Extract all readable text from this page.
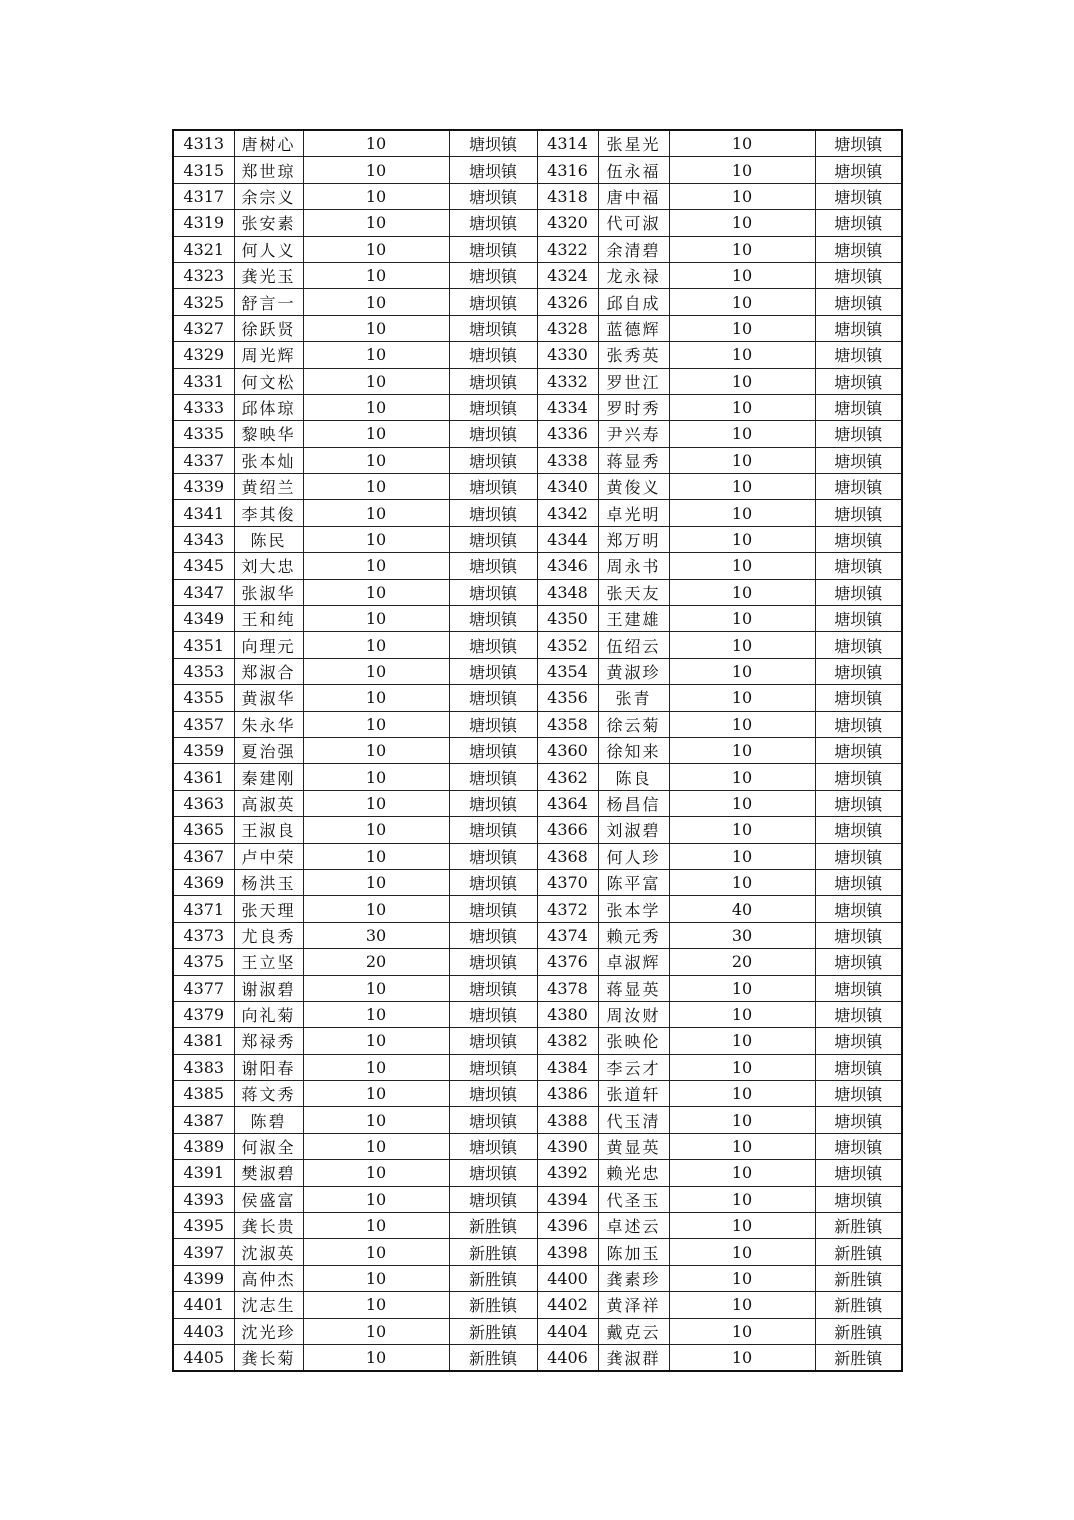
4313	唐树心	10	塘坝镇	4314	张星光	10	塘坝镇
4315	郑世琼	10	塘坝镇	4316	伍永福	10	塘坝镇
4317	余宗义	10	塘坝镇	4318	唐中福	10	塘坝镇
4319	张安素	10	塘坝镇	4320	代可淑	10	塘坝镇
4321	何人义	10	塘坝镇	4322	余清碧	10	塘坝镇
4323	龚光玉	10	塘坝镇	4324	龙永禄	10	塘坝镇
4325	舒言一	10	塘坝镇	4326	邱自成	10	塘坝镇
4327	徐跃贤	10	塘坝镇	4328	蓝德辉	10	塘坝镇
4329	周光辉	10	塘坝镇	4330	张秀英	10	塘坝镇
4331	何文松	10	塘坝镇	4332	罗世江	10	塘坝镇
4333	邱体琼	10	塘坝镇	4334	罗时秀	10	塘坝镇
4335	黎映华	10	塘坝镇	4336	尹兴寿	10	塘坝镇
4337	张本灿	10	塘坝镇	4338	蒋显秀	10	塘坝镇
4339	黄绍兰	10	塘坝镇	4340	黄俊义	10	塘坝镇
4341	李其俊	10	塘坝镇	4342	卓光明	10	塘坝镇
4343	陈民	10	塘坝镇	4344	郑万明	10	塘坝镇
4345	刘大忠	10	塘坝镇	4346	周永书	10	塘坝镇
4347	张淑华	10	塘坝镇	4348	张天友	10	塘坝镇
4349	王和纯	10	塘坝镇	4350	王建雄	10	塘坝镇
4351	向理元	10	塘坝镇	4352	伍绍云	10	塘坝镇
4353	郑淑合	10	塘坝镇	4354	黄淑珍	10	塘坝镇
4355	黄淑华	10	塘坝镇	4356	张青	10	塘坝镇
4357	朱永华	10	塘坝镇	4358	徐云菊	10	塘坝镇
4359	夏治强	10	塘坝镇	4360	徐知来	10	塘坝镇
4361	秦建刚	10	塘坝镇	4362	陈良	10	塘坝镇
4363	高淑英	10	塘坝镇	4364	杨昌信	10	塘坝镇
4365	王淑良	10	塘坝镇	4366	刘淑碧	10	塘坝镇
4367	卢中荣	10	塘坝镇	4368	何人珍	10	塘坝镇
4369	杨洪玉	10	塘坝镇	4370	陈平富	10	塘坝镇
4371	张天理	10	塘坝镇	4372	张本学	40	塘坝镇
4373	尤良秀	30	塘坝镇	4374	赖元秀	30	塘坝镇
4375	王立坚	20	塘坝镇	4376	卓淑辉	20	塘坝镇
4377	谢淑碧	10	塘坝镇	4378	蒋显英	10	塘坝镇
4379	向礼菊	10	塘坝镇	4380	周汝财	10	塘坝镇
4381	郑禄秀	10	塘坝镇	4382	张映伦	10	塘坝镇
4383	谢阳春	10	塘坝镇	4384	李云才	10	塘坝镇
4385	蒋文秀	10	塘坝镇	4386	张道轩	10	塘坝镇
4387	陈碧	10	塘坝镇	4388	代玉清	10	塘坝镇
4389	何淑全	10	塘坝镇	4390	黄显英	10	塘坝镇
4391	樊淑碧	10	塘坝镇	4392	赖光忠	10	塘坝镇
4393	侯盛富	10	塘坝镇	4394	代圣玉	10	塘坝镇
4395	龚长贵	10	新胜镇	4396	卓述云	10	新胜镇
4397	沈淑英	10	新胜镇	4398	陈加玉	10	新胜镇
4399	高仲杰	10	新胜镇	4400	龚素珍	10	新胜镇
4401	沈志生	10	新胜镇	4402	黄泽祥	10	新胜镇
4403	沈光珍	10	新胜镇	4404	戴克云	10	新胜镇
4405	龚长菊	10	新胜镇	4406	龚淑群	10	新胜镇
